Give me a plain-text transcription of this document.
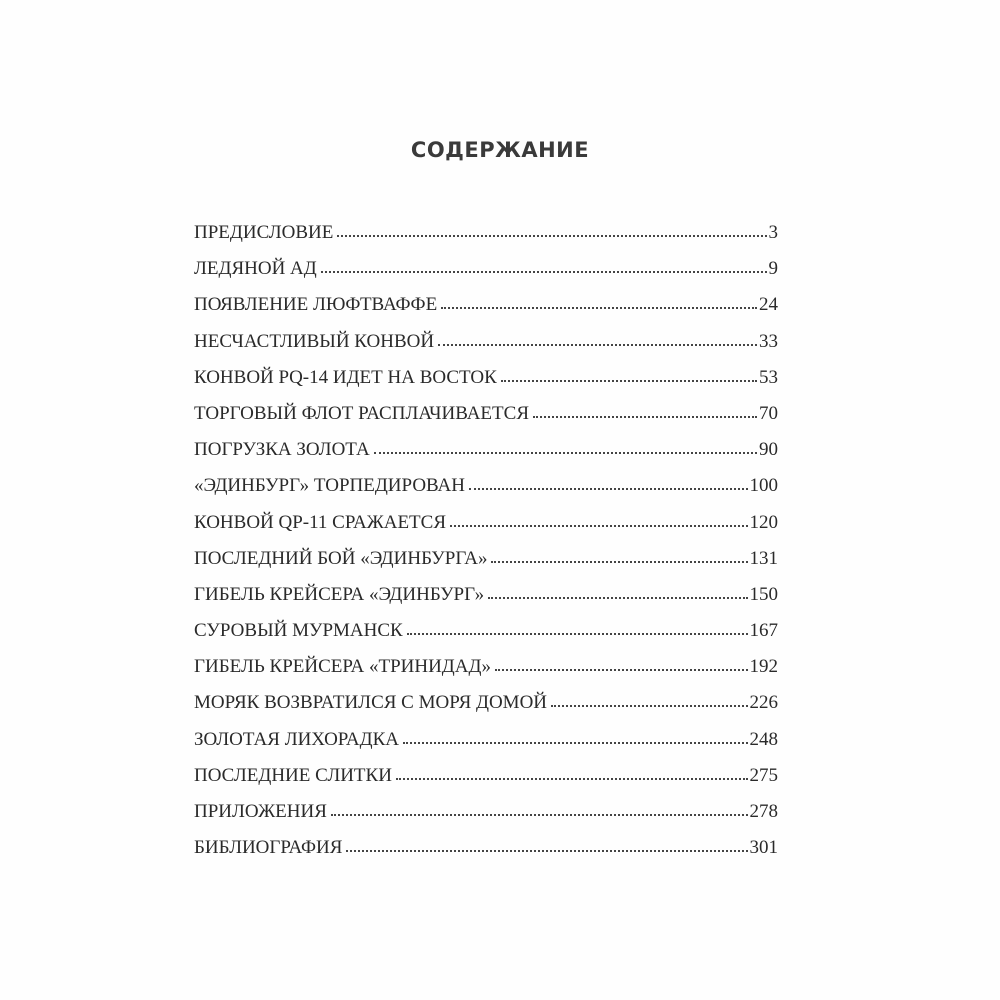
СОДЕРЖАНИЕ
ПРЕДИСЛОВИЕ	3
ЛЕДЯНОЙ АД	9
ПОЯВЛЕНИЕ ЛЮФТВАФФЕ	24
НЕСЧАСТЛИВЫЙ КОНВОЙ	33
КОНВОЙ PQ-14 ИДЕТ НА ВОСТОК	53
ТОРГОВЫЙ ФЛОТ РАСПЛАЧИВАЕТСЯ	70
ПОГРУЗКА ЗОЛОТА	90
«ЭДИНБУРГ» ТОРПЕДИРОВАН	100
КОНВОЙ QP-11 СРАЖАЕТСЯ	120
ПОСЛЕДНИЙ БОЙ «ЭДИНБУРГА»	131
ГИБЕЛЬ КРЕЙСЕРА «ЭДИНБУРГ»	150
СУРОВЫЙ МУРМАНСК	167
ГИБЕЛЬ КРЕЙСЕРА «ТРИНИДАД»	192
МОРЯК ВОЗВРАТИЛСЯ С МОРЯ ДОМОЙ	226
ЗОЛОТАЯ ЛИХОРАДКА	248
ПОСЛЕДНИЕ СЛИТКИ	275
ПРИЛОЖЕНИЯ	278
БИБЛИОГРАФИЯ	301
